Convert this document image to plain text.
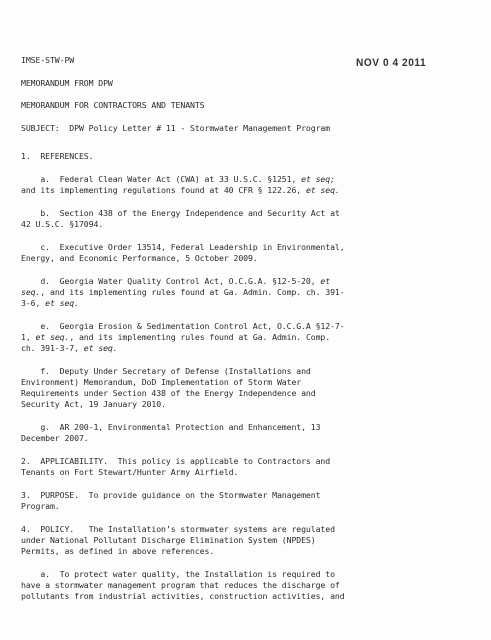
IMSE-STW-PW	NOV 0 4 2011
MEMORANDUM FROM DPW
MEMORANDUM FOR CONTRACTORS AND TENANTS
SUBJECT:  DPW Policy Letter # 11 - Stormwater Management Program
1.  REFERENCES.
a.  Federal Clean Water Act (CWA) at 33 U.S.C. §1251, et seq;
and its implementing regulations found at 40 CFR § 122.26, et seq.
b.  Section 438 of the Energy Independence and Security Act at
42 U.S.C. §17094.
c.  Executive Order 13514, Federal Leadership in Environmental,
Energy, and Economic Performance, 5 October 2009.
d.  Georgia Water Quality Control Act, O.C.G.A. §12-5-20, et
seq., and its implementing rules found at Ga. Admin. Comp. ch. 391-
3-6, et seq.
e.  Georgia Erosion & Sedimentation Control Act, O.C.G.A §12-7-
1, et seq., and its implementing rules found at Ga. Admin. Comp.
ch. 391-3-7, et seq.
f.  Deputy Under Secretary of Defense (Installations and
Environment) Memorandum, DoD Implementation of Storm Water
Requirements under Section 438 of the Energy Independence and
Security Act, 19 January 2010.
g.  AR 200-1, Environmental Protection and Enhancement, 13
December 2007.
2.  APPLICABILITY.  This policy is applicable to Contractors and
Tenants on Fort Stewart/Hunter Army Airfield.
3.  PURPOSE.  To provide guidance on the Stormwater Management
Program.
4.  POLICY.   The Installation’s stormwater systems are regulated
under National Pollutant Discharge Elimination System (NPDES)
Permits, as defined in above references.
a.  To protect water quality, the Installation is required to
have a stormwater management program that reduces the discharge of
pollutants from industrial activities, construction activities, and
